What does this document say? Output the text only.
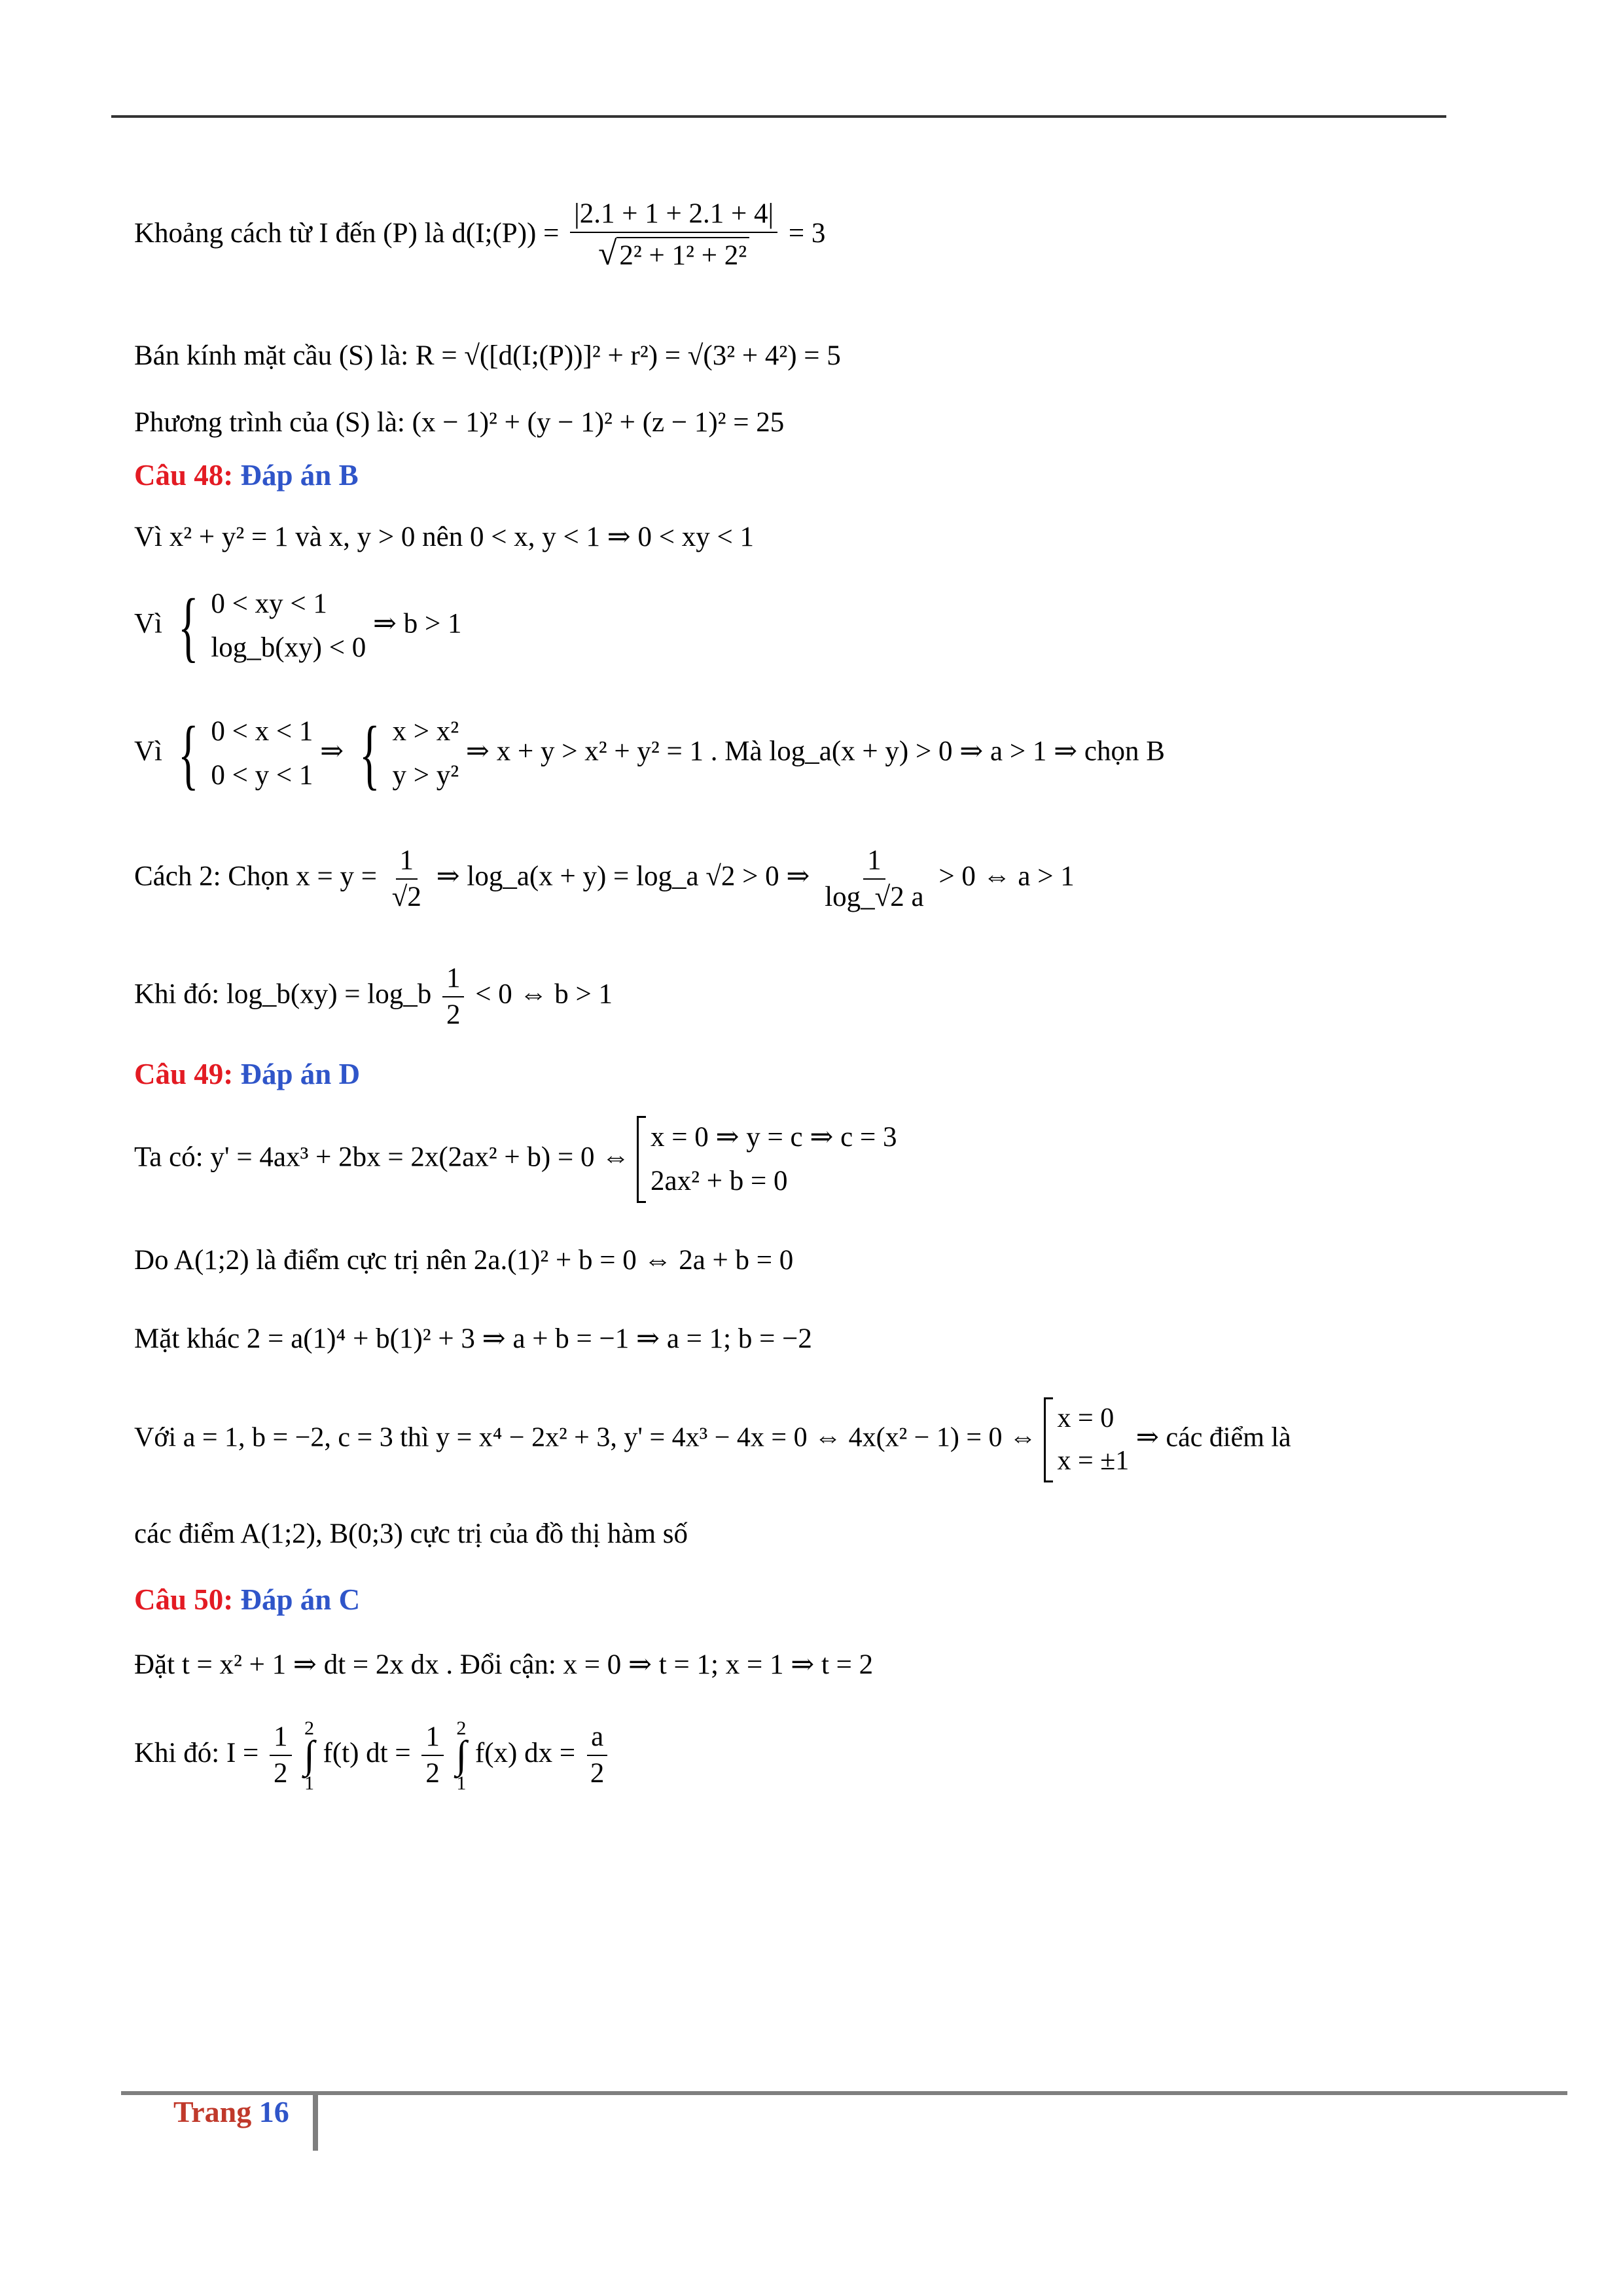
Khoảng cách từ I đến (P) là d(I;(P)) = $\frac{|2.1 + 1 + 2.1 + 4|}{\text{√2² + 1² + 2²}} = 3$
Bán kính mặt cầu (S) là: R = √([d(I;(P))]² + r²) = √(3² + 4²) = 5
Phương trình của (S) là: (x − 1)² + (y − 1)² + (z − 1)² = 25
Câu 48: Đáp án B
Vì x² + y² = 1 và x, y > 0 nên 0 < x, y < 1 ⇒ 0 < xy < 1
Vì { 0 < xy < 1
log_b(xy) < 0
⇒ b > 1
Vì { 0 < x < 1
0 < y < 1
⇒ { x > x²
y > y²
⇒ x + y > x² + y² = 1 . Mà log_a(x + y) > 0 ⇒ a > 1 ⇒ chọn B
Cách 2: Chọn $x = y = \frac{1}{√2}$ ⇒ log_a(x + y) = log_a √2 > 0 ⇒ $\frac{1}{\log\_√2 a} > 0$ ⇔ a > 1
Khi đó: log_b(xy) = log_b $\frac{1}{2} < 0$ ⇔ b > 1
Câu 49: Đáp án D
Ta có: y' = 4ax³ + 2bx = 2x(2ax² + b) = 0 ⇔
x = 0 ⇒ y = c ⇒ c = 3
2ax² + b = 0
Do A(1;2) là điểm cực trị nên 2a.(1)² + b = 0 ⇔ 2a + b = 0
Mặt khác 2 = a(1)⁴ + b(1)² + 3 ⇒ a + b = −1 ⇒ a = 1; b = −2
Với a = 1, b = −2, c = 3 thì y = x⁴ − 2x² + 3, y' = 4x³ − 4x = 0 ⇔ 4x(x² − 1) = 0 ⇔
x = 0
x = ±1
⇒ các điểm là
các điểm A(1;2), B(0;3) cực trị của đồ thị hàm số
Câu 50: Đáp án C
Đặt t = x² + 1 ⇒ dt = 2x dx . Đổi cận: x = 0 ⇒ t = 1; x = 1 ⇒ t = 2
Khi đó: $I = \frac{1}{2}$
2
∫
1
f(t) dt = $\frac{1}{2}$
2
∫
1
f(x) dx = $\frac{a}{2}$
Trang 16
